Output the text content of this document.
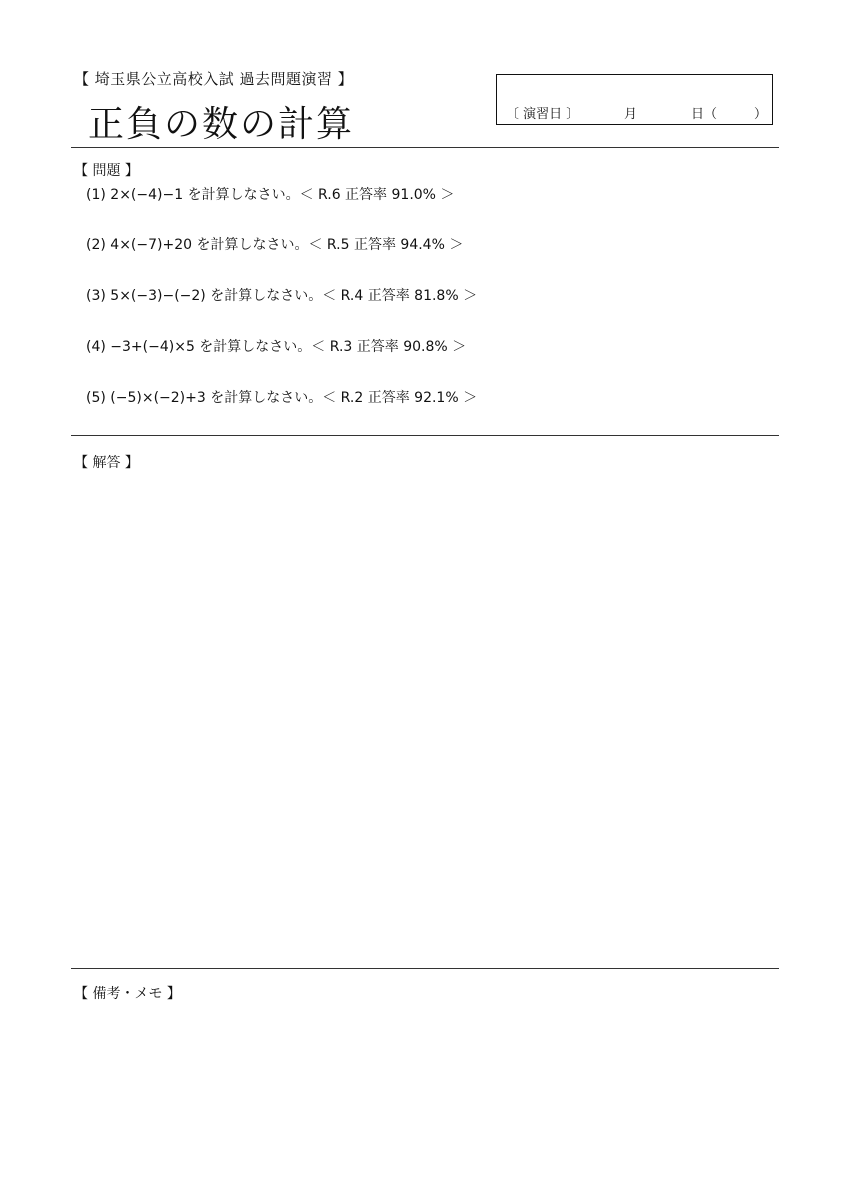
【 埼玉県公立高校入試 過去問題演習 】
正負の数の計算	〔 演習日 〕	月	日（	）
【 問題 】
(1) 2×(−4)−1 を計算しなさい。＜ R.6 正答率 91.0% ＞
(2) 4×(−7)+20 を計算しなさい。＜ R.5 正答率 94.4% ＞
(3) 5×(−3)−(−2) を計算しなさい。＜ R.4 正答率 81.8% ＞
(4) −3+(−4)×5 を計算しなさい。＜ R.3 正答率 90.8% ＞
(5) (−5)×(−2)+3 を計算しなさい。＜ R.2 正答率 92.1% ＞
【 解答 】
【 備考・メモ 】
